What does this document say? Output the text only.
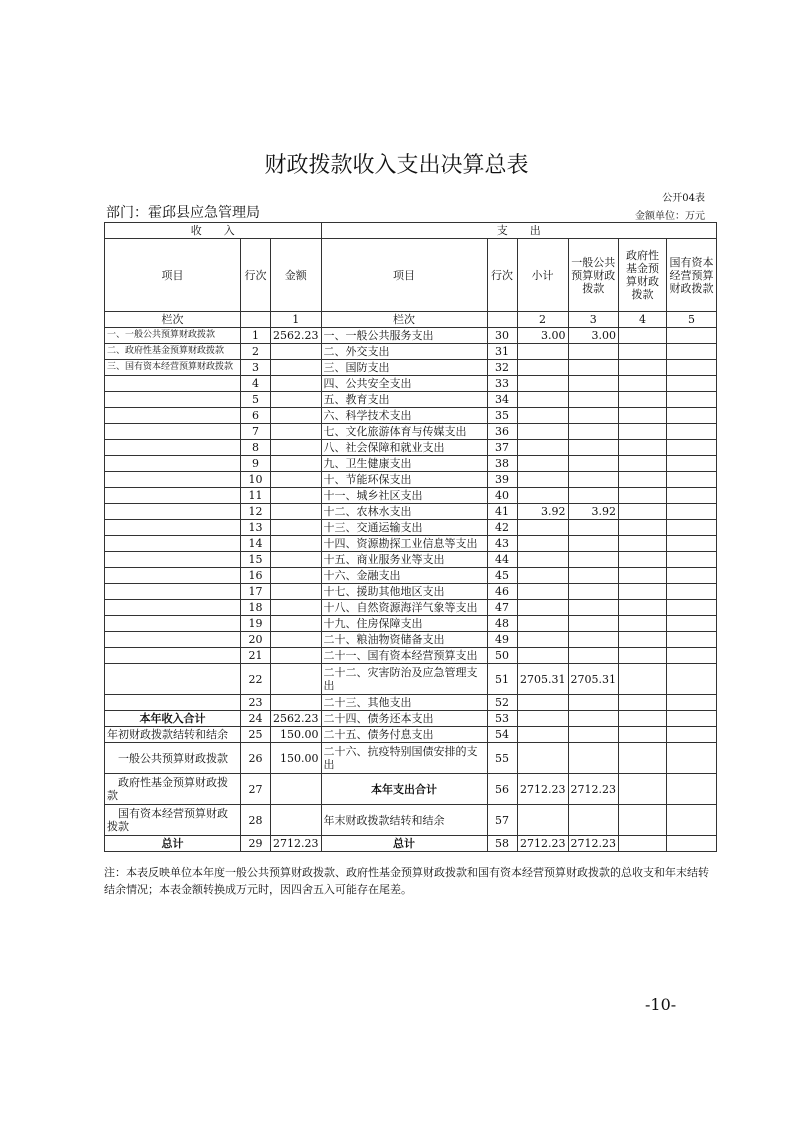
财政拨款收入支出决算总表
公开04表
部门：霍邱县应急管理局	金额单位：万元
收　　入			支　　出					
项目	行次	金额	项目	行次	小计	一般公共预算财政拨款	政府性基金预算财政拨款	国有资本经营预算财政拨款
栏次		1	栏次		2	3	4	5
一、一般公共预算财政拨款	1	2562.23	一、一般公共服务支出	30	3.00	3.00		
二、政府性基金预算财政拨款	2		二、外交支出	31				
三、国有资本经营预算财政拨款	3		三、国防支出	32				
	4		四、公共安全支出	33				
	5		五、教育支出	34				
	6		六、科学技术支出	35				
	7		七、文化旅游体育与传媒支出	36				
	8		八、社会保障和就业支出	37				
	9		九、卫生健康支出	38				
	10		十、节能环保支出	39				
	11		十一、城乡社区支出	40				
	12		十二、农林水支出	41	3.92	3.92		
	13		十三、交通运输支出	42				
	14		十四、资源勘探工业信息等支出	43				
	15		十五、商业服务业等支出	44				
	16		十六、金融支出	45				
	17		十七、援助其他地区支出	46				
	18		十八、自然资源海洋气象等支出	47				
	19		十九、住房保障支出	48				
	20		二十、粮油物资储备支出	49				
	21		二十一、国有资本经营预算支出	50				
	22		二十二、灾害防治及应急管理支出	51	2705.31	2705.31		
	23		二十三、其他支出	52				
本年收入合计	24	2562.23	二十四、债务还本支出	53				
年初财政拨款结转和结余	25	150.00	二十五、债务付息支出	54				
　一般公共预算财政拨款	26	150.00	二十六、抗疫特别国债安排的支出	55				
　政府性基金预算财政拨款	27		本年支出合计	56	2712.23	2712.23		
　国有资本经营预算财政拨款	28		年末财政拨款结转和结余	57				
总计	29	2712.23	总计	58	2712.23	2712.23		
注：本表反映单位本年度一般公共预算财政拨款、政府性基金预算财政拨款和国有资本经营预算财政拨款的总收支和年末结转结余情况；本表金额转换成万元时，因四舍五入可能存在尾差。
-10-
